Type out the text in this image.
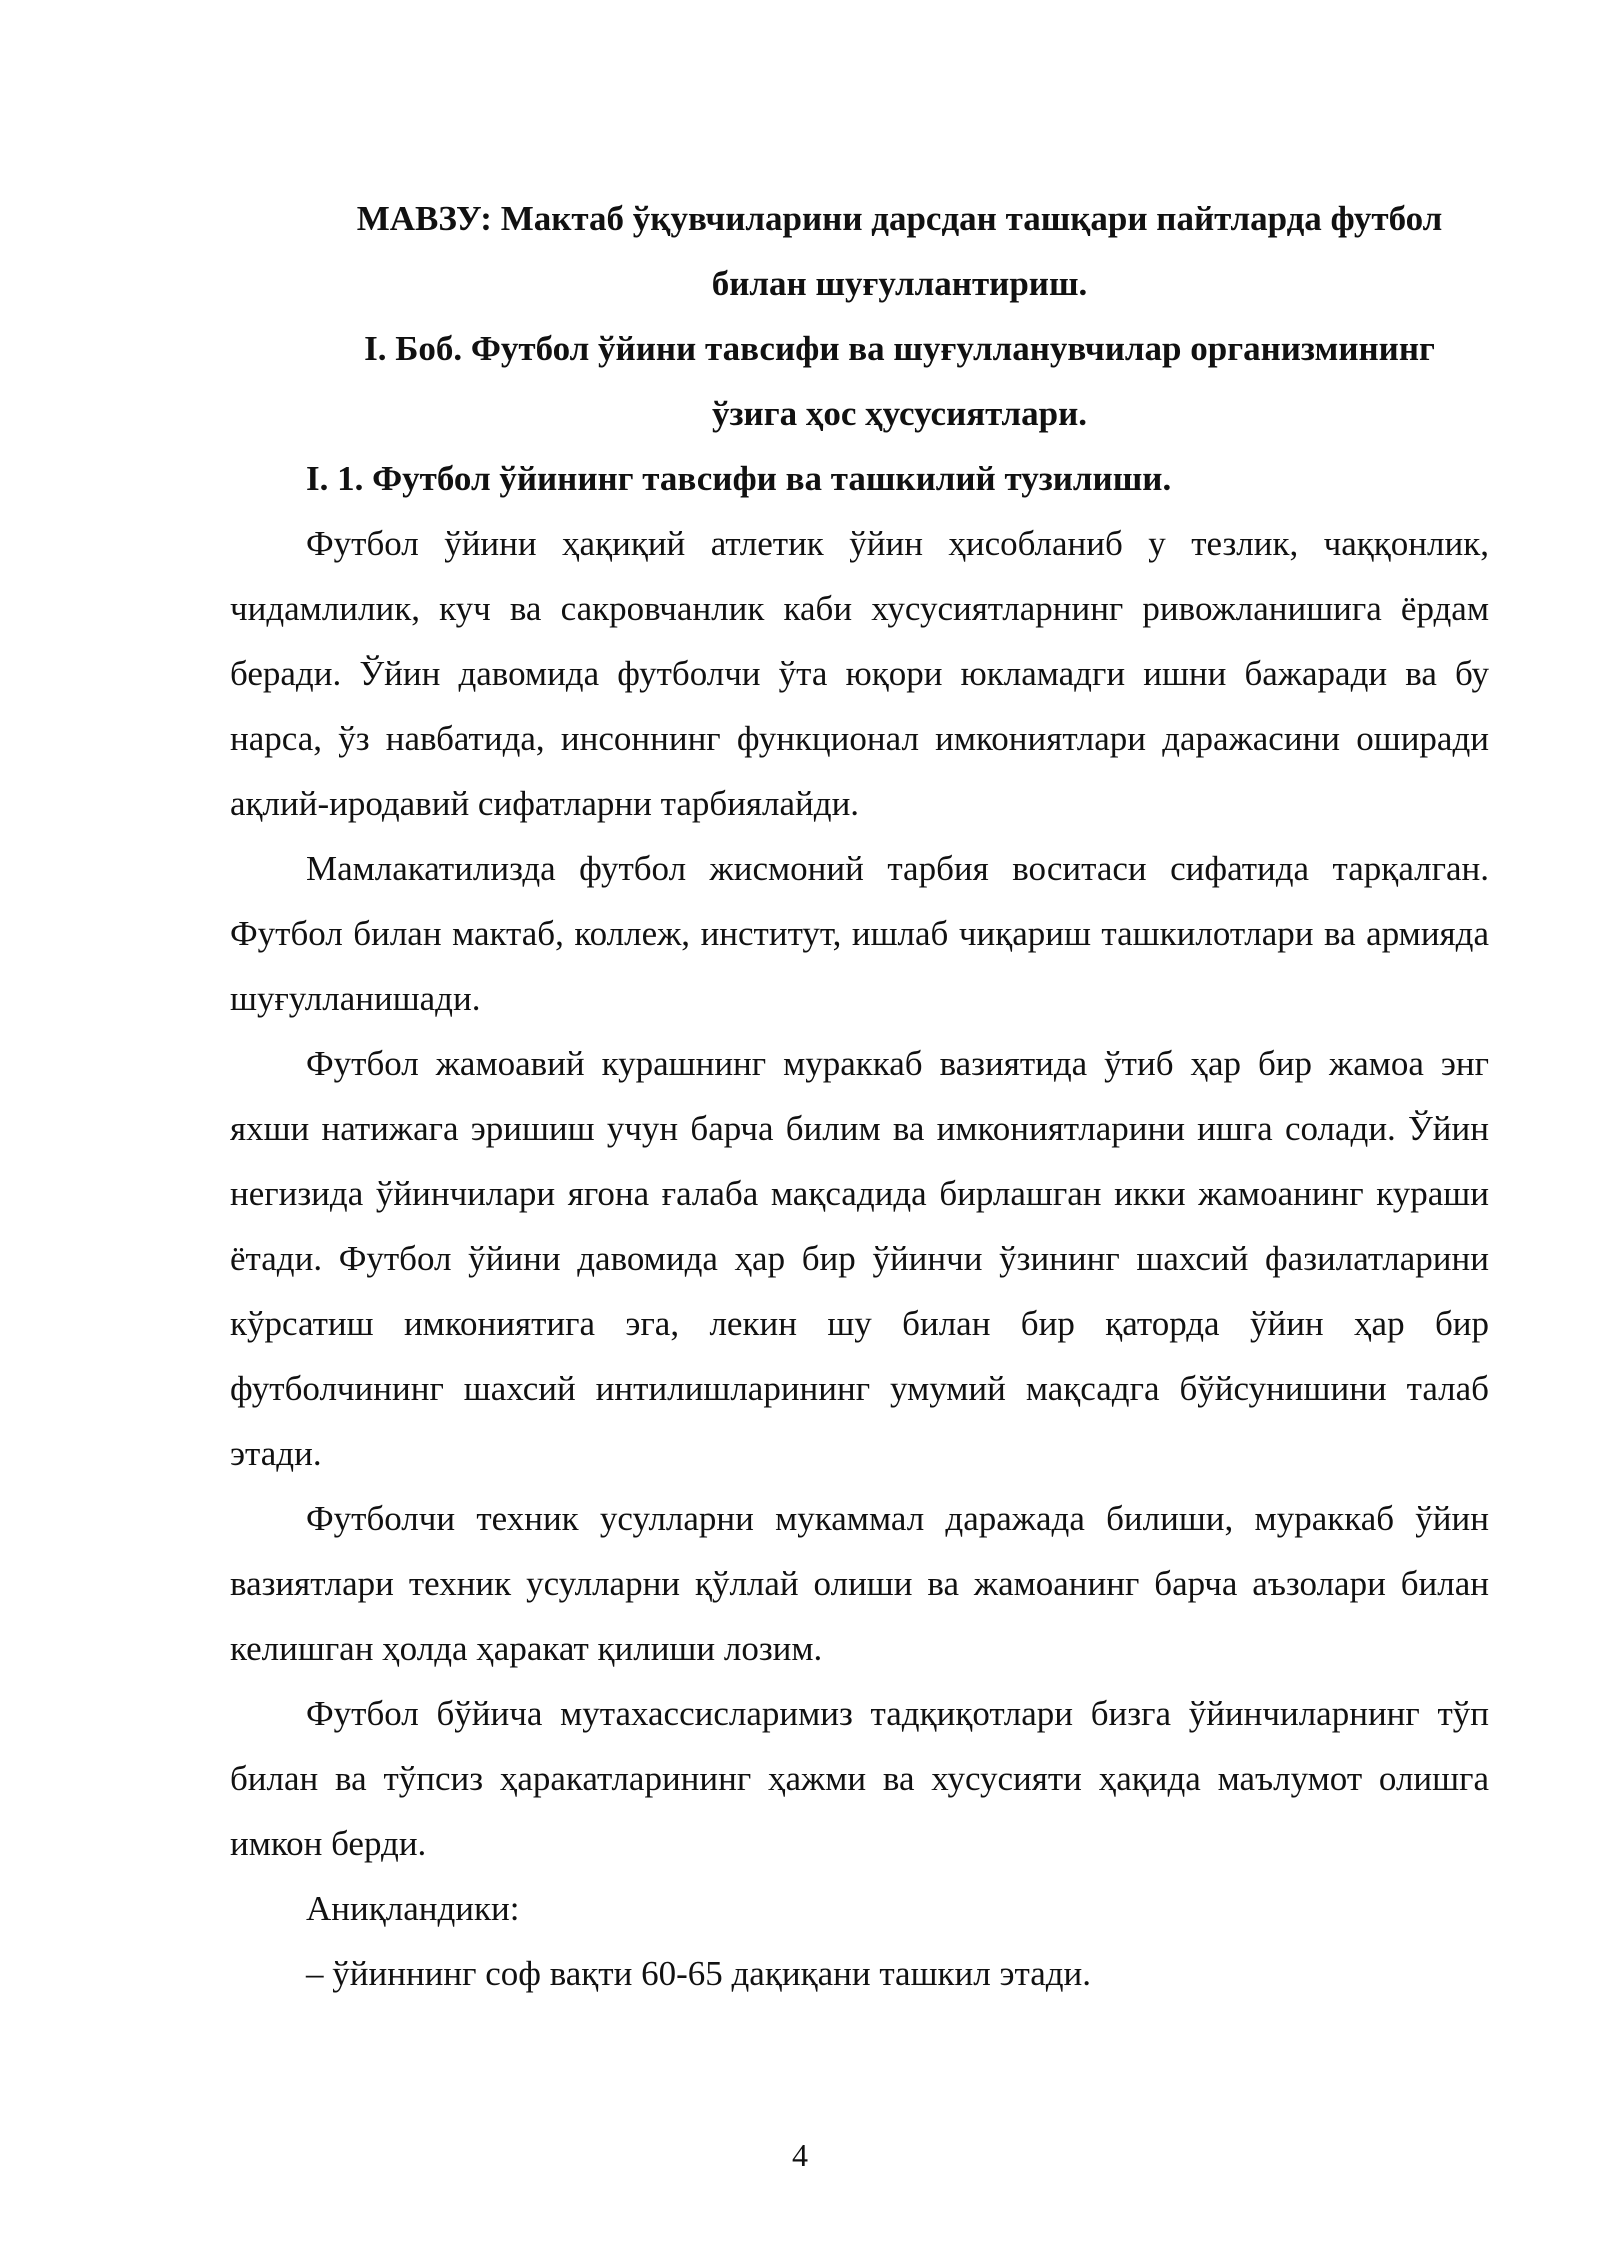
МАВЗУ: Мактаб ўқувчиларини дарсдан ташқари пайтларда футбол
билан шуғуллантириш.
I. Боб. Футбол ўйини тавсифи ва шуғулланувчилар организмининг
ўзига ҳос ҳусусиятлари.
I. 1. Футбол ўйининг тавсифи ва ташкилий тузилиши.

Футбол ўйини ҳақиқий атлетик ўйин ҳисобланиб у тезлик, чаққонлик, чидамлилик, куч ва сакровчанлик каби хусусиятларнинг ривожланишига ёрдам беради. Ўйин давомида футболчи ўта юқори юкламадги ишни бажаради ва бу нарса, ўз навбатида, инсоннинг функционал имкониятлари даражасини оширади ақлий-иродавий сифатларни тарбиялайди.

Мамлакатилизда футбол жисмоний тарбия воситаси сифатида тарқалган. Футбол билан мактаб, коллеж, институт, ишлаб чиқариш ташкилотлари ва армияда шуғулланишади.

Футбол жамоавий курашнинг мураккаб вазиятида ўтиб ҳар бир жамоа энг яхши натижага эришиш учун барча билим ва имкониятларини ишга солади. Ўйин негизида ўйинчилари ягона ғалаба мақсадида бирлашган икки жамоанинг кураши ётади. Футбол ўйини давомида ҳар бир ўйинчи ўзининг шахсий фазилатларини кўрсатиш имкониятига эга, лекин шу билан бир қаторда ўйин ҳар бир футболчининг шахсий интилишларининг умумий мақсадга бўйсунишини талаб этади.

Футболчи техник усулларни мукаммал даражада билиши, мураккаб ўйин вазиятлари техник усулларни қўллай олиши ва жамоанинг барча аъзолари билан келишган ҳолда ҳаракат қилиши лозим.

Футбол бўйича мутахассисларимиз тадқиқотлари бизга ўйинчиларнинг тўп билан ва тўпсиз ҳаракатларининг ҳажми ва хусусияти ҳақида маълумот олишга имкон берди.

Аниқландики:

– ўйиннинг соф вақти 60-65 дақиқани ташкил этади.

4
